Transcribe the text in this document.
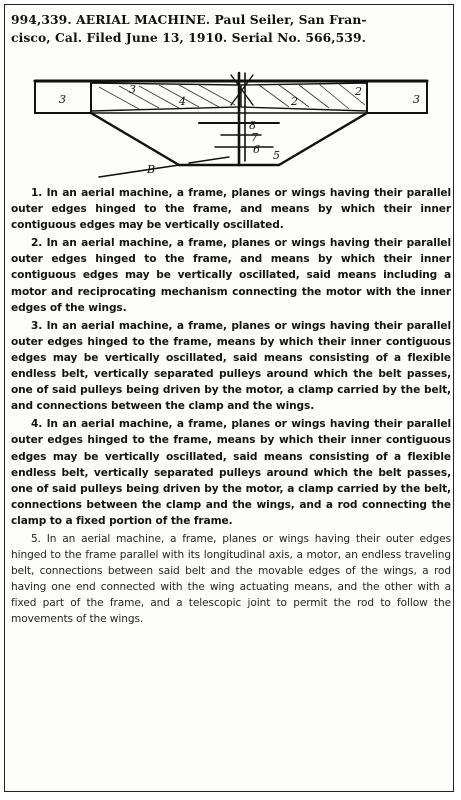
994,339. AERIAL MACHINE. Paul Seiler, San Fran-
cisco, Cal. Filed June 13, 1910. Serial No. 566,539.
3	3
3	2
4	2
8
7
6 5
B

1. In an aerial machine, a frame, planes or wings having their parallel outer edges hinged to the frame, and means by which their inner contiguous edges may be vertically oscillated.

2. In an aerial machine, a frame, planes or wings having their parallel outer edges hinged to the frame, and means by which their inner contiguous edges may be vertically oscillated, said means including a motor and reciprocating mechanism connecting the motor with the inner edges of the wings.

3. In an aerial machine, a frame, planes or wings having their parallel outer edges hinged to the frame, means by which their inner contiguous edges may be vertically oscillated, said means consisting of a flexible endless belt, vertically separated pulleys around which the belt passes, one of said pulleys being driven by the motor, a clamp carried by the belt, and connections between the clamp and the wings.

4. In an aerial machine, a frame, planes or wings having their parallel outer edges hinged to the frame, means by which their inner contiguous edges may be vertically oscillated, said means consisting of a flexible endless belt, vertically separated pulleys around which the belt passes, one of said pulleys being driven by the motor, a clamp carried by the belt, connections between the clamp and the wings, and a rod connecting the clamp to a fixed portion of the frame.

5. In an aerial machine, a frame, planes or wings having their outer edges hinged to the frame parallel with its longitudinal axis, a motor, an endless traveling belt, connections between said belt and the movable edges of the wings, a rod having one end connected with the wing actuating means, and the other with a fixed part of the frame, and a telescopic joint to permit the rod to follow the movements of the wings.
